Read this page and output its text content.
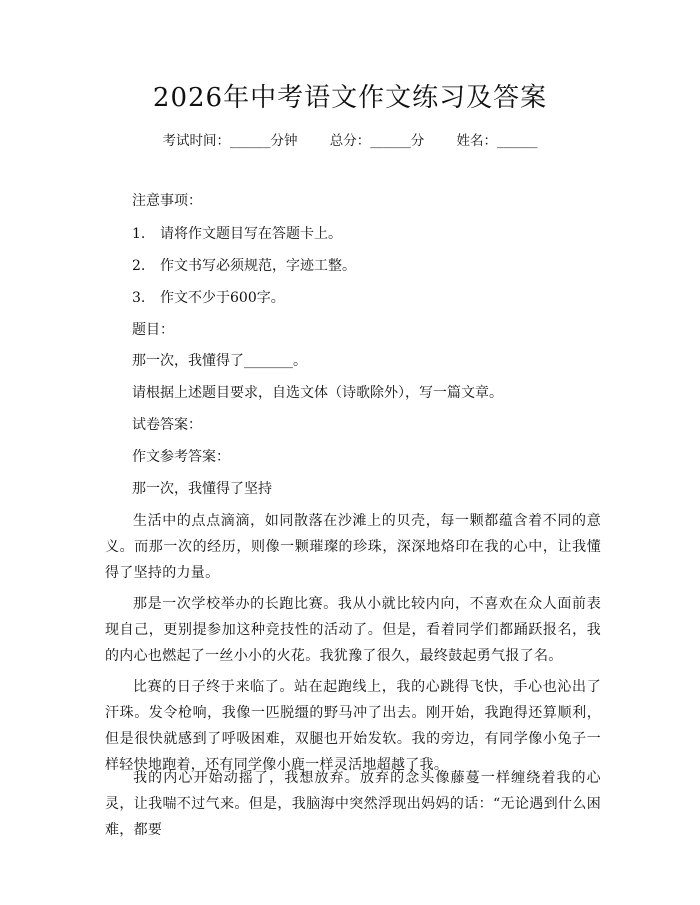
2026年中考语文作文练习及答案
考试时间：______分钟 总分：______分 姓名：______
注意事项：
1. 请将作文题目写在答题卡上。
2. 作文书写必须规范，字迹工整。
3. 作文不少于600字。
题目：
那一次，我懂得了_______。
请根据上述题目要求，自选文体（诗歌除外），写一篇文章。
试卷答案：
作文参考答案：
那一次，我懂得了坚持
生活中的点点滴滴，如同散落在沙滩上的贝壳，每一颗都蕴含着不同的意义。而那一次的经历，则像一颗璀璨的珍珠，深深地烙印在我的心中，让我懂得了坚持的力量。
那是一次学校举办的长跑比赛。我从小就比较内向，不喜欢在众人面前表现自己，更别提参加这种竞技性的活动了。但是，看着同学们都踊跃报名，我的内心也燃起了一丝小小的火花。我犹豫了很久，最终鼓起勇气报了名。
比赛的日子终于来临了。站在起跑线上，我的心跳得飞快，手心也沁出了汗珠。发令枪响，我像一匹脱缰的野马冲了出去。刚开始，我跑得还算顺利，但是很快就感到了呼吸困难，双腿也开始发软。我的旁边，有同学像小兔子一样轻快地跑着，还有同学像小鹿一样灵活地超越了我。
我的内心开始动摇了，我想放弃。放弃的念头像藤蔓一样缠绕着我的心灵，让我喘不过气来。但是，我脑海中突然浮现出妈妈的话：“无论遇到什么困难，都要
